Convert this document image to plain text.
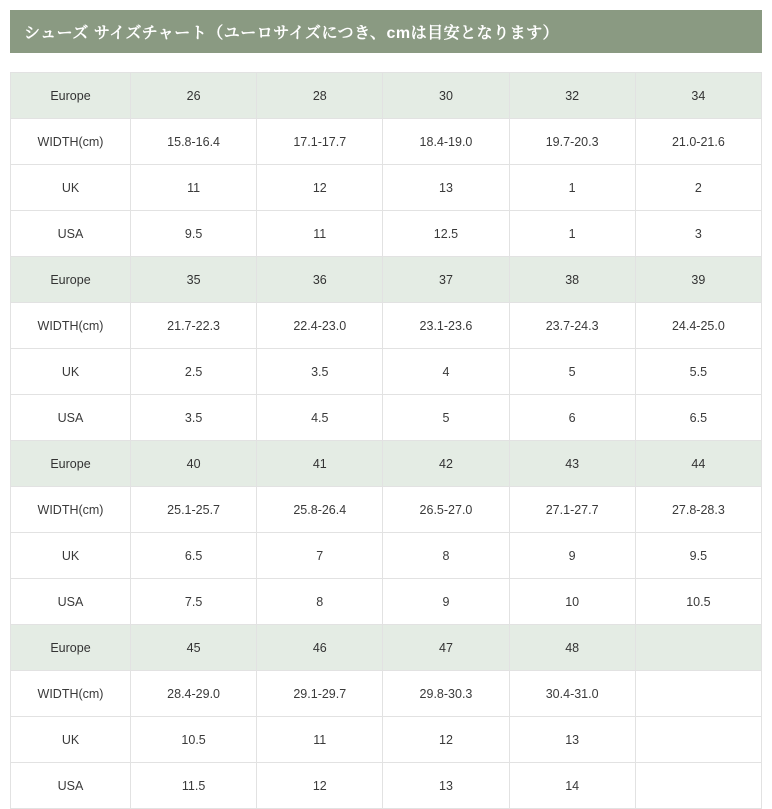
シューズ サイズチャート（ユーロサイズにつき、cmは目安となります）
Europe	26	28	30	32	34
WIDTH(cm)	15.8-16.4	17.1-17.7	18.4-19.0	19.7-20.3	21.0-21.6
UK	11	12	13	1	2
USA	9.5	11	12.5	1	3
Europe	35	36	37	38	39
WIDTH(cm)	21.7-22.3	22.4-23.0	23.1-23.6	23.7-24.3	24.4-25.0
UK	2.5	3.5	4	5	5.5
USA	3.5	4.5	5	6	6.5
Europe	40	41	42	43	44
WIDTH(cm)	25.1-25.7	25.8-26.4	26.5-27.0	27.1-27.7	27.8-28.3
UK	6.5	7	8	9	9.5
USA	7.5	8	9	10	10.5
Europe	45	46	47	48	
WIDTH(cm)	28.4-29.0	29.1-29.7	29.8-30.3	30.4-31.0	
UK	10.5	11	12	13	
USA	11.5	12	13	14	
